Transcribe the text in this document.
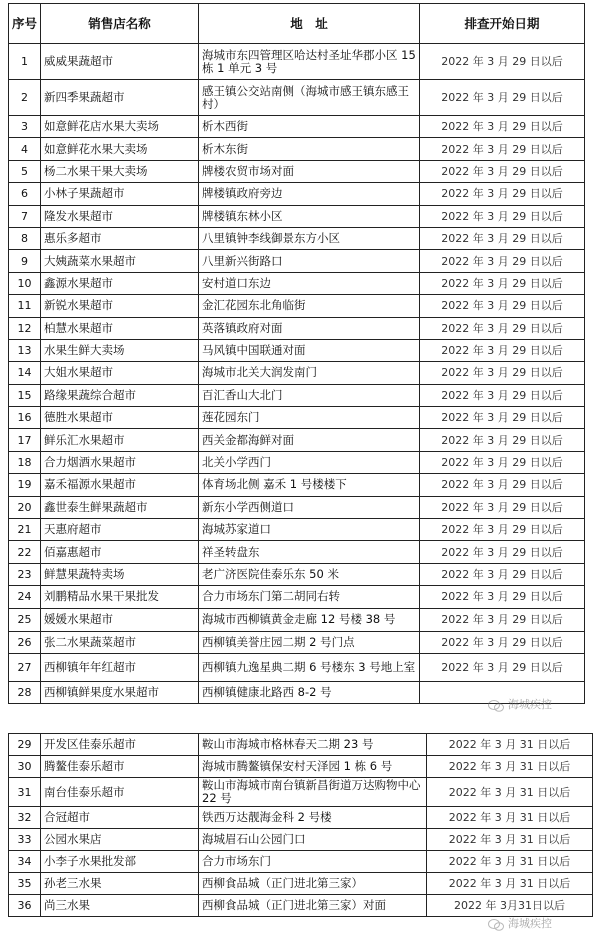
序号	销售店名称	地　址	排查开始日期
1	威威果蔬超市	海城市东四管理区哈达村圣址华郡小区 15 栋 1 单元 3 号	2022 年 3 月 29 日以后
2	新四季果蔬超市	感王镇公交站南侧（海城市感王镇东感王村）	2022 年 3 月 29 日以后
3	如意鲜花店水果大卖场	析木西街	2022 年 3 月 29 日以后
4	如意鲜花水果大卖场	析木东街	2022 年 3 月 29 日以后
5	杨二水果干果大卖场	牌楼农贸市场对面	2022 年 3 月 29 日以后
6	小林子果蔬超市	牌楼镇政府旁边	2022 年 3 月 29 日以后
7	隆发水果超市	牌楼镇东林小区	2022 年 3 月 29 日以后
8	惠乐多超市	八里镇钟李线御景东方小区	2022 年 3 月 29 日以后
9	大姨蔬菜水果超市	八里新兴街路口	2022 年 3 月 29 日以后
10	鑫源水果超市	安村道口东边	2022 年 3 月 29 日以后
11	新锐水果超市	金汇花园东北角临街	2022 年 3 月 29 日以后
12	柏慧水果超市	英落镇政府对面	2022 年 3 月 29 日以后
13	水果生鲜大卖场	马风镇中国联通对面	2022 年 3 月 29 日以后
14	大姐水果超市	海城市北关大润发南门	2022 年 3 月 29 日以后
15	路缘果蔬综合超市	百汇香山大北门	2022 年 3 月 29 日以后
16	德胜水果超市	莲花园东门	2022 年 3 月 29 日以后
17	鲜乐汇水果超市	西关金都海鲜对面	2022 年 3 月 29 日以后
18	合力烟酒水果超市	北关小学西门	2022 年 3 月 29 日以后
19	嘉禾福源水果超市	体育场北侧 嘉禾 1 号楼楼下	2022 年 3 月 29 日以后
20	鑫世泰生鲜果蔬超市	新东小学西侧道口	2022 年 3 月 29 日以后
21	天惠府超市	海城苏家道口	2022 年 3 月 29 日以后
22	佰嘉惠超市	祥圣转盘东	2022 年 3 月 29 日以后
23	鲜慧果蔬特卖场	老广济医院佳泰乐东 50 米	2022 年 3 月 29 日以后
24	刘鹏精品水果干果批发	合力市场东门第二胡同右转	2022 年 3 月 29 日以后
25	媛媛水果超市	海城市西柳镇黄金走廊 12 号楼 38 号	2022 年 3 月 29 日以后
26	张二水果蔬菜超市	西柳镇美誉庄园二期 2 号门点	2022 年 3 月 29 日以后
27	西柳镇年年红超市	西柳镇九逸星典二期 6 号楼东 3 号地上室	2022 年 3 月 29 日以后
28	西柳镇鲜果度水果超市	西柳镇健康北路西 8-2 号	
29	开发区佳泰乐超市	鞍山市海城市格林春天二期 23 号	2022 年 3 月 31 日以后
30	腾鳌佳泰乐超市	海城市腾鳌镇保安村天泽园 1 栋 6 号	2022 年 3 月 31 日以后
31	南台佳泰乐超市	鞍山市海城市南台镇新昌街道万达购物中心 22 号	2022 年 3 月 31 日以后
32	合冠超市	铁西万达靓海金科 2 号楼	2022 年 3 月 31 日以后
33	公园水果店	海城眉石山公园门口	2022 年 3 月 31 日以后
34	小李子水果批发部	合力市场东门	2022 年 3 月 31 日以后
35	孙老三水果	西柳食品城（正门进北第三家）	2022 年 3 月 31 日以后
36	尚三水果	西柳食品城（正门进北第三家）对面	2022 年 3月31日以后
海城疾控
海城疾控
